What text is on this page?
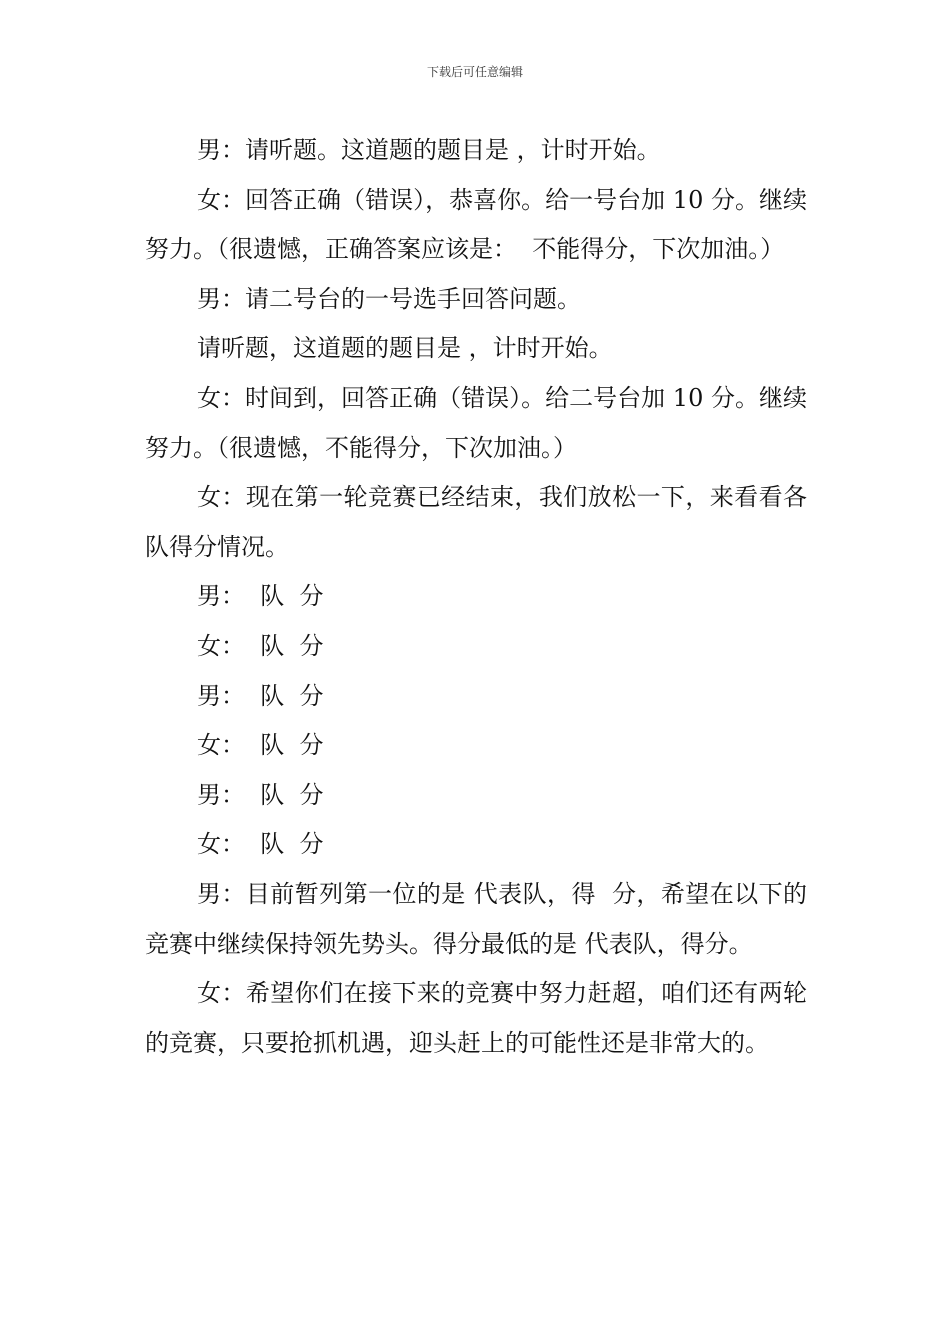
下载后可任意编辑

男：请听题。这道题的题目是 ，计时开始。

女：回答正确（错误），恭喜你。给一号台加 10 分。继续努力。（很遗憾，正确答案应该是：  不能得分，下次加油。）

男：请二号台的一号选手回答问题。

请听题，这道题的题目是 ，计时开始。

女：时间到，回答正确（错误）。给二号台加 10 分。继续努力。（很遗憾，不能得分，下次加油。）

女：现在第一轮竞赛已经结束，我们放松一下，来看看各队得分情况。

男：  队  分

女：  队  分

男：  队  分

女：  队  分

男：  队  分

女：  队  分

男：目前暂列第一位的是 代表队，得  分，希望在以下的竞赛中继续保持领先势头。得分最低的是 代表队，得分。

女：希望你们在接下来的竞赛中努力赶超，咱们还有两轮的竞赛，只要抢抓机遇，迎头赶上的可能性还是非常大的。
